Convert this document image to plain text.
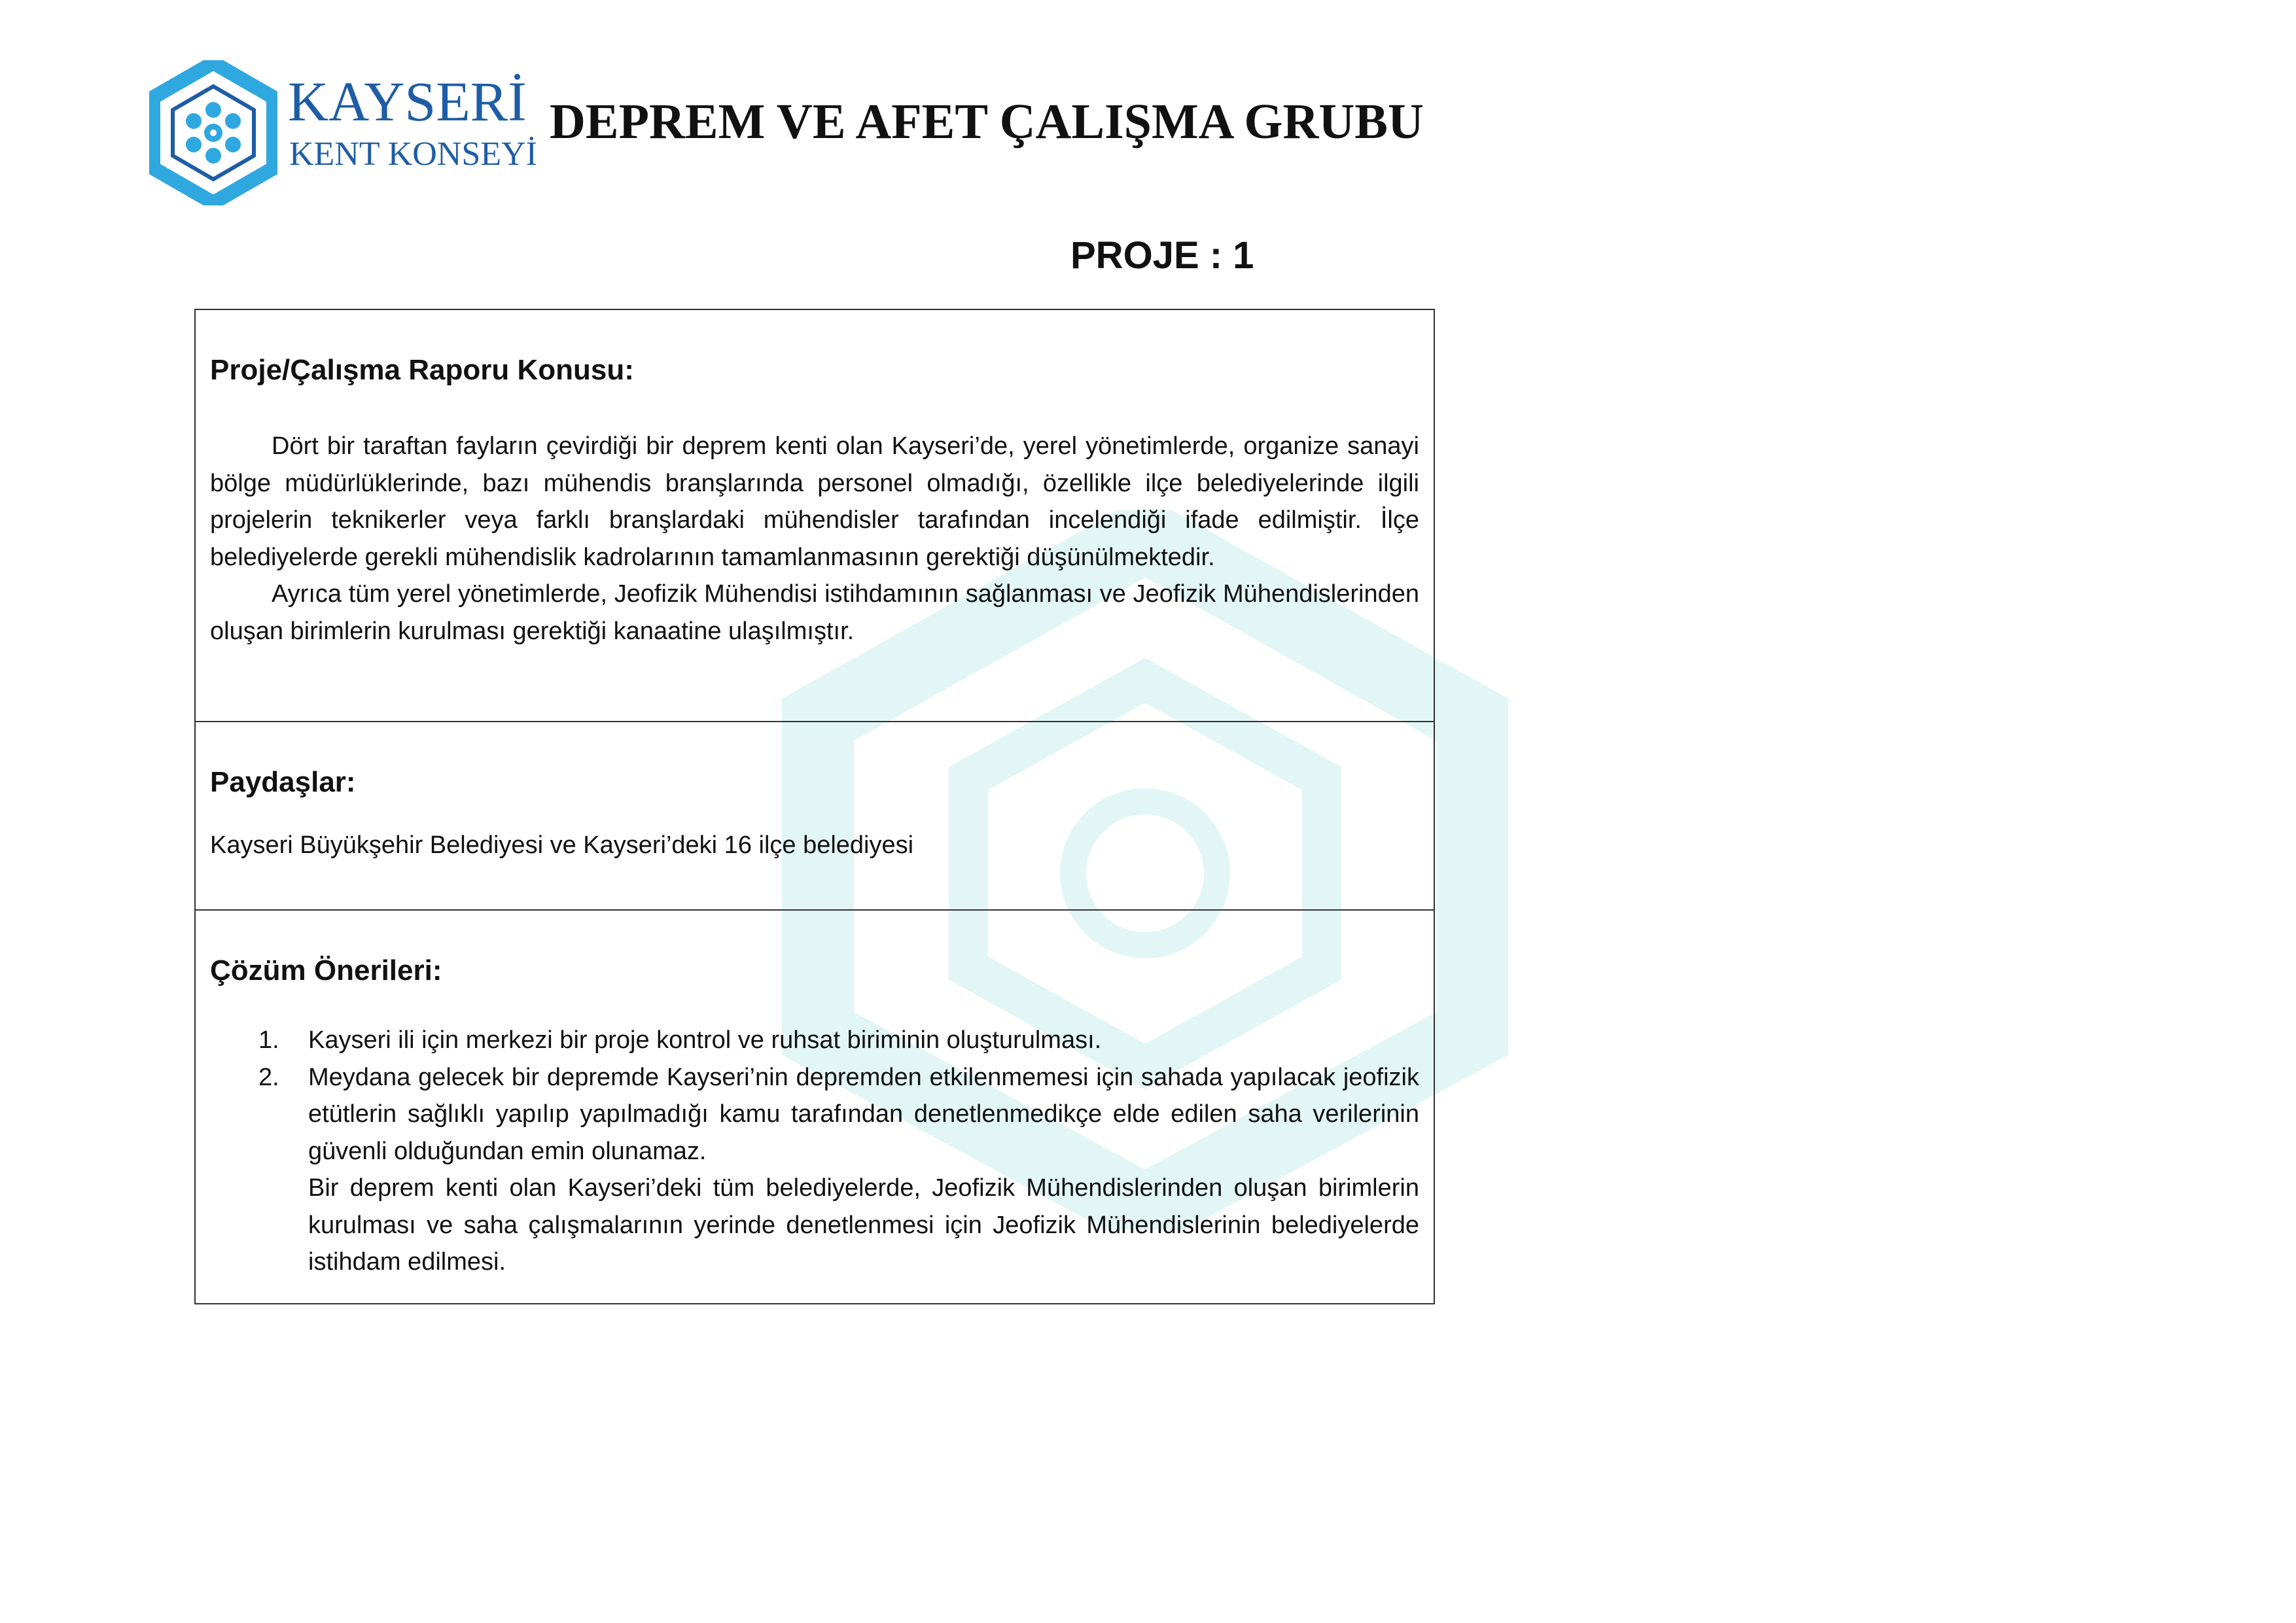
KAYSERİ
KENT KONSEYİ
DEPREM VE AFET ÇALIŞMA GRUBU
PROJE : 1
Proje/Çalışma Raporu Konusu:

Dört bir taraftan fayların çevirdiği bir deprem kenti olan Kayseri’de, yerel yönetimlerde, organize sanayi bölge müdürlüklerinde, bazı mühendis branşlarında personel olmadığı, özellikle ilçe belediyelerinde ilgili projelerin teknikerler veya farklı branşlardaki mühendisler tarafından incelendiği ifade edilmiştir. İlçe belediyelerde gerekli mühendislik kadrolarının tamamlanmasının gerektiği düşünülmektedir.

Ayrıca tüm yerel yönetimlerde, Jeofizik Mühendisi istihdamının sağlanması ve Jeofizik Mühendislerinden oluşan birimlerin kurulması gerektiği kanaatine ulaşılmıştır.

Paydaşlar:
Kayseri Büyükşehir Belediyesi ve Kayseri’deki 16 ilçe belediyesi
Çözüm Önerileri:
1. Kayseri ili için merkezi bir proje kontrol ve ruhsat biriminin oluşturulması.

2. Meydana gelecek bir depremde Kayseri’nin depremden etkilenmemesi için sahada yapılacak jeofizik etütlerin sağlıklı yapılıp yapılmadığı kamu tarafından denetlenmedikçe elde edilen saha verilerinin güvenli olduğundan emin olunamaz.

Bir deprem kenti olan Kayseri’deki tüm belediyelerde, Jeofizik Mühendislerinden oluşan birimlerin kurulması ve saha çalışmalarının yerinde denetlenmesi için Jeofizik Mühendislerinin belediyelerde istihdam edilmesi.
